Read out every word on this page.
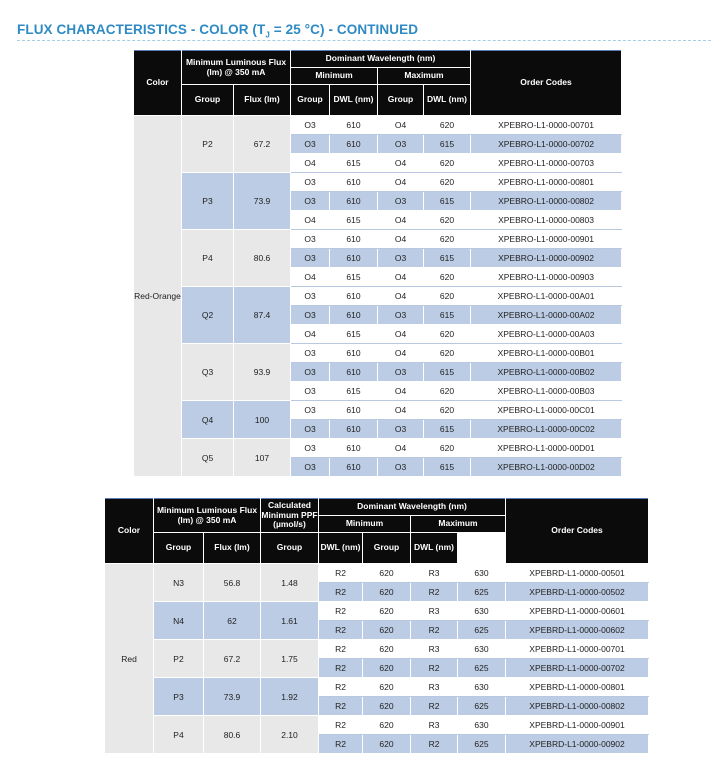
FLUX CHARACTERISTICS - COLOR ($T_J = 25$ °C) - CONTINUED
Color	Minimum Luminous Flux (lm) @ 350 mA		Dominant Wavelength (nm)				Order Codes
			Minimum		Maximum		
	Group	Flux (lm)	Group	DWL (nm)	Group	DWL (nm)	
Red-Orange	P2	67.2	O3	610	O4	620	XPEBRO-L1-0000-00701
			O3	610	O3	615	XPEBRO-L1-0000-00702
			O4	615	O4	620	XPEBRO-L1-0000-00703
	P3	73.9	O3	610	O4	620	XPEBRO-L1-0000-00801
			O3	610	O3	615	XPEBRO-L1-0000-00802
			O4	615	O4	620	XPEBRO-L1-0000-00803
	P4	80.6	O3	610	O4	620	XPEBRO-L1-0000-00901
			O3	610	O3	615	XPEBRO-L1-0000-00902
			O4	615	O4	620	XPEBRO-L1-0000-00903
	Q2	87.4	O3	610	O4	620	XPEBRO-L1-0000-00A01
			O3	610	O3	615	XPEBRO-L1-0000-00A02
			O4	615	O4	620	XPEBRO-L1-0000-00A03
	Q3	93.9	O3	610	O4	620	XPEBRO-L1-0000-00B01
			O3	610	O3	615	XPEBRO-L1-0000-00B02
			O3	615	O4	620	XPEBRO-L1-0000-00B03
	Q4	100	O3	610	O4	620	XPEBRO-L1-0000-00C01
			O3	610	O3	615	XPEBRO-L1-0000-00C02
	Q5	107	O3	610	O4	620	XPEBRO-L1-0000-00D01
			O3	610	O3	615	XPEBRO-L1-0000-00D02
Color	Minimum Luminous Flux (lm) @ 350 mA		Calculated Minimum PPF (µmol/s)	Dominant Wavelength (nm)				Order Codes
				Minimum		Maximum		
	Group	Flux (lm)	Group	DWL (nm)	Group	DWL (nm)		
Red	N3	56.8	1.48	R2	620	R3	630	XPEBRD-L1-0000-00501
				R2	620	R2	625	XPEBRD-L1-0000-00502
	N4	62	1.61	R2	620	R3	630	XPEBRD-L1-0000-00601
				R2	620	R2	625	XPEBRD-L1-0000-00602
	P2	67.2	1.75	R2	620	R3	630	XPEBRD-L1-0000-00701
				R2	620	R2	625	XPEBRD-L1-0000-00702
	P3	73.9	1.92	R2	620	R3	630	XPEBRD-L1-0000-00801
				R2	620	R2	625	XPEBRD-L1-0000-00802
	P4	80.6	2.10	R2	620	R3	630	XPEBRD-L1-0000-00901
				R2	620	R2	625	XPEBRD-L1-0000-00902
